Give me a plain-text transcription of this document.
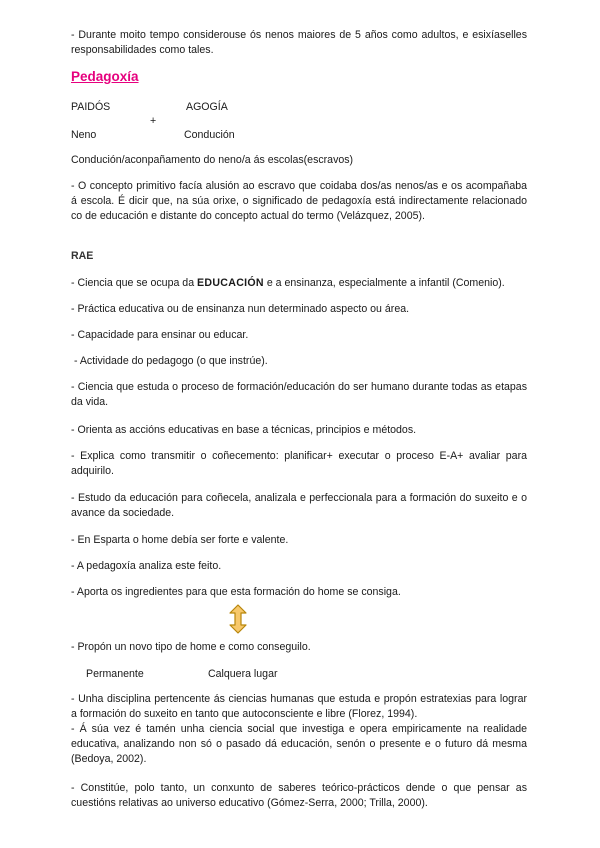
- Durante moito tempo considerouse ós nenos maiores de 5 años como adultos, e esixíaselles responsabilidades como tales.

Pedagoxía
PAIDÓS	AGOGÍA
+
Neno	Condución

Condución/aconpañamento do neno/a ás escolas(escravos)

- O concepto primitivo facía alusión ao escravo que coidaba dos/as nenos/as e os acompañaba á escola. É dicir que, na súa orixe, o significado de pedagoxía está indirectamente relacionado co de educación e distante do concepto actual do termo (Velázquez, 2005).

RAE

- Ciencia que se ocupa da EDUCACIÓN e a ensinanza, especialmente a infantil (Comenio).

- Práctica educativa ou de ensinanza nun determinado aspecto ou área.

- Capacidade para ensinar ou educar.

- Actividade do pedagogo (o que instrúe).

- Ciencia que estuda o proceso de formación/educación do ser humano durante todas as etapas da vida.

- Orienta as accións educativas en base a técnicas, principios e métodos.

- Explica como transmitir o coñecemento: planificar+ executar o proceso E-A+ avaliar para adquirilo.

- Estudo da educación para coñecela, analizala e perfeccionala para a formación do suxeito e o avance da sociedade.

- En Esparta o home debía ser forte e valente.

- A pedagoxía analiza este feito.

- Aporta os ingredientes para que esta formación do home se consiga.

- Propón un novo tipo de home e como conseguilo.

Permanente	Calquera lugar

- Unha disciplina pertencente ás ciencias humanas que estuda e propón estratexias para lograr a formación do suxeito en tanto que autoconsciente e libre (Florez, 1994).

- Á súa vez é tamén unha ciencia social que investiga e opera empiricamente na realidade educativa, analizando non só o pasado dá educación, senón o presente e o futuro dá mesma (Bedoya, 2002).

- Constitúe, polo tanto, un conxunto de saberes teórico-prácticos dende o que pensar as cuestións relativas ao universo educativo (Gómez-Serra, 2000; Trilla, 2000).
